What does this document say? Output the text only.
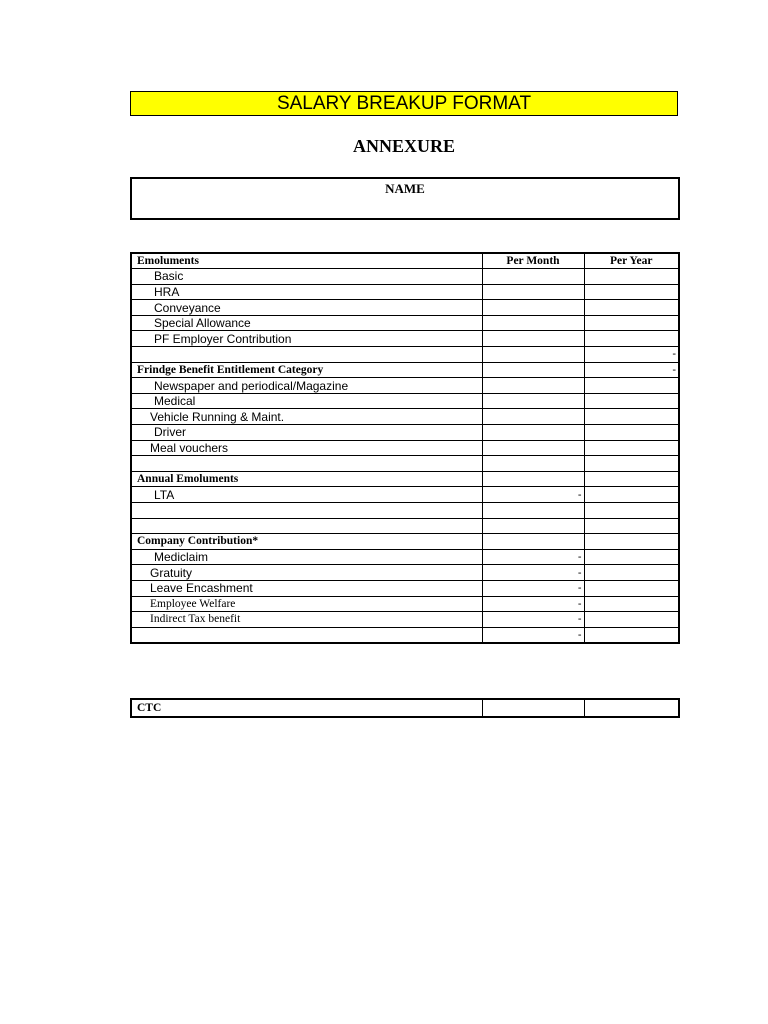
SALARY BREAKUP FORMAT
ANNEXURE
NAME
Emoluments	Per Month	Per Year
Basic		
HRA		
Conveyance		
Special Allowance		
PF Employer Contribution		
		-
Frindge Benefit Entitlement Category		-
Newspaper and periodical/Magazine		
Medical		
Vehicle Running & Maint.		
Driver		
Meal vouchers		

Annual Emoluments		
LTA	-	

Company Contribution*		
Mediclaim	-	
Gratuity	-	
Leave Encashment	-	
Employee Welfare	-	
Indirect Tax benefit	-	
	-	
CTC		
